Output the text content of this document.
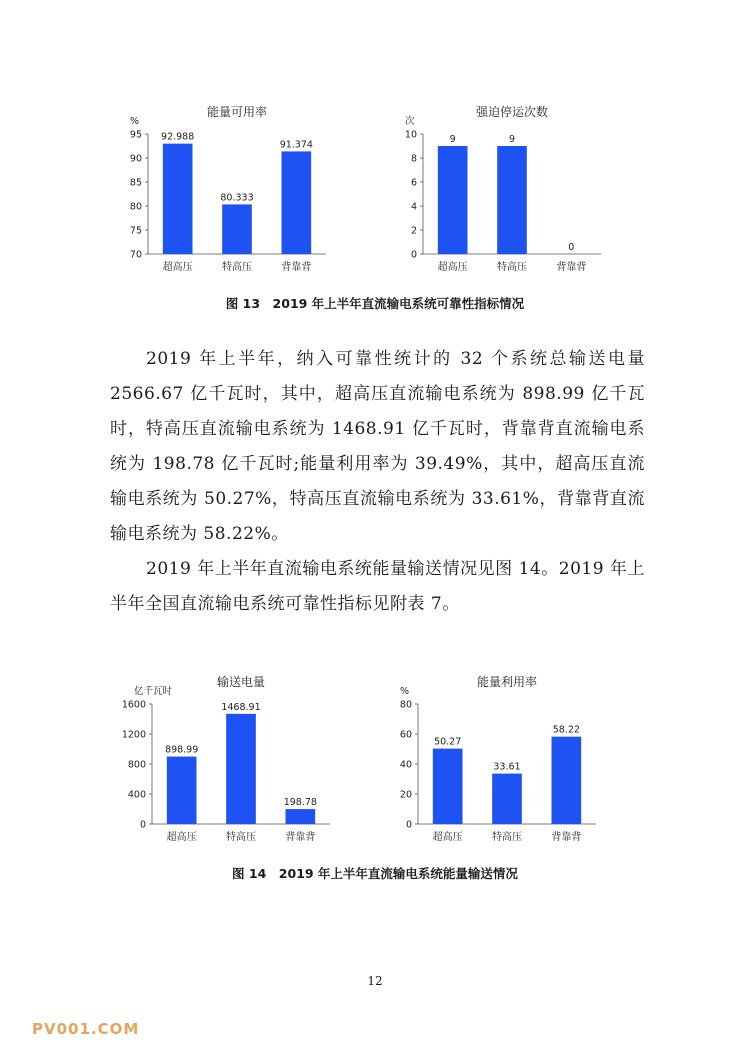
能量可用率
%
70
75
80
85
90
95 92.988
超高压
80.333
特高压
91.374
背靠背
强迫停运次数
次
0
2
4
6
8
10	9
超高压
9
特高压
0
背靠背
图 13　2019 年上半年直流输电系统可靠性指标情况

2019 年上半年，纳入可靠性统计的 32 个系统总输送电量 2566.67 亿千瓦时，其中，超高压直流输电系统为 898.99 亿千瓦时，特高压直流输电系统为 1468.91 亿千瓦时，背靠背直流输电系统为 198.78 亿千瓦时;能量利用率为 39.49%，其中，超高压直流输电系统为 50.27%，特高压直流输电系统为 33.61%，背靠背直流输电系统为 58.22%。

2019 年上半年直流输电系统能量输送情况见图 14。2019 年上半年全国直流输电系统可靠性指标见附表 7。

输送电量
亿千瓦时
0
400
800
1200
1600
898.99
超高压
1468.91
特高压
198.78
背靠背
能量利用率
%
0
20
40
60
80
50.27
超高压
33.61
特高压
58.22
背靠背
图 14　2019 年上半年直流输电系统能量输送情况
12
PV001.COM
